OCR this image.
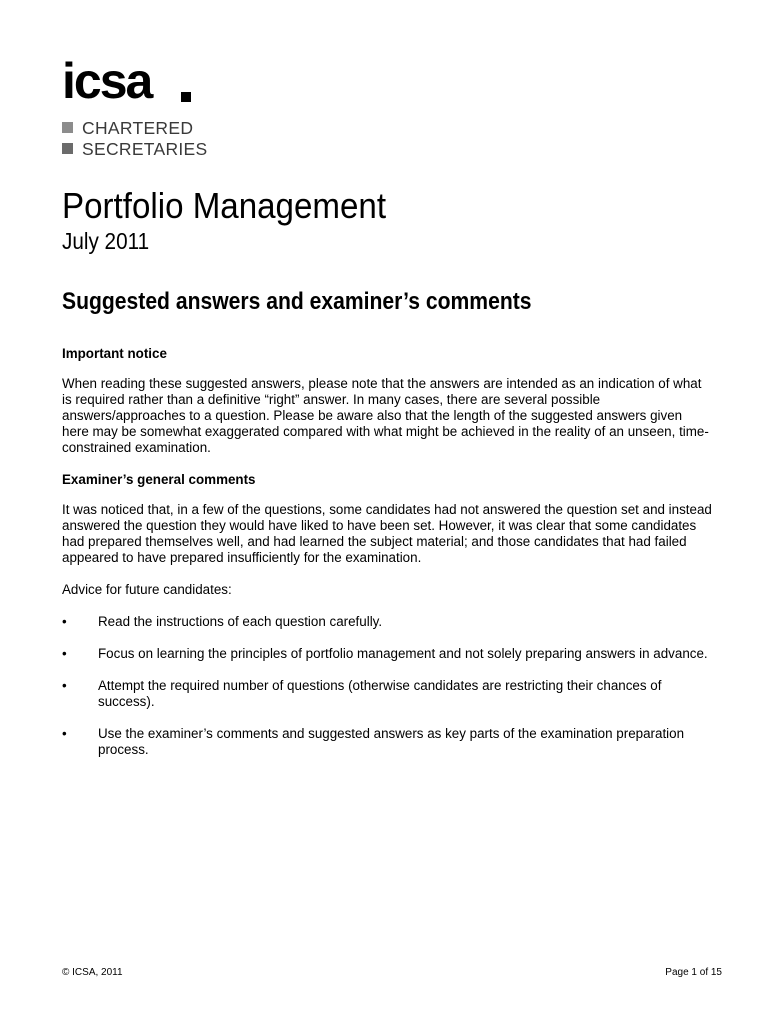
icsa
CHARTERED
SECRETARIES
Portfolio Management
July 2011
Suggested answers and examiner’s comments
Important notice

When reading these suggested answers, please note that the answers are intended as an indication of what is required rather than a definitive “right” answer. In many cases, there are several possible answers/approaches to a question. Please be aware also that the length of the suggested answers given here may be somewhat exaggerated compared with what might be achieved in the reality of an unseen, time-constrained examination.

Examiner’s general comments

It was noticed that, in a few of the questions, some candidates had not answered the question set and instead answered the question they would have liked to have been set. However, it was clear that some candidates had prepared themselves well, and had learned the subject material; and those candidates that had failed appeared to have prepared insufficiently for the examination.

Advice for future candidates:

• Read the instructions of each question carefully.
• Focus on learning the principles of portfolio management and not solely preparing answers in advance.
• Attempt the required number of questions (otherwise candidates are restricting their chances of success).
• Use the examiner’s comments and suggested answers as key parts of the examination preparation process.
© ICSA, 2011	Page 1 of 15
